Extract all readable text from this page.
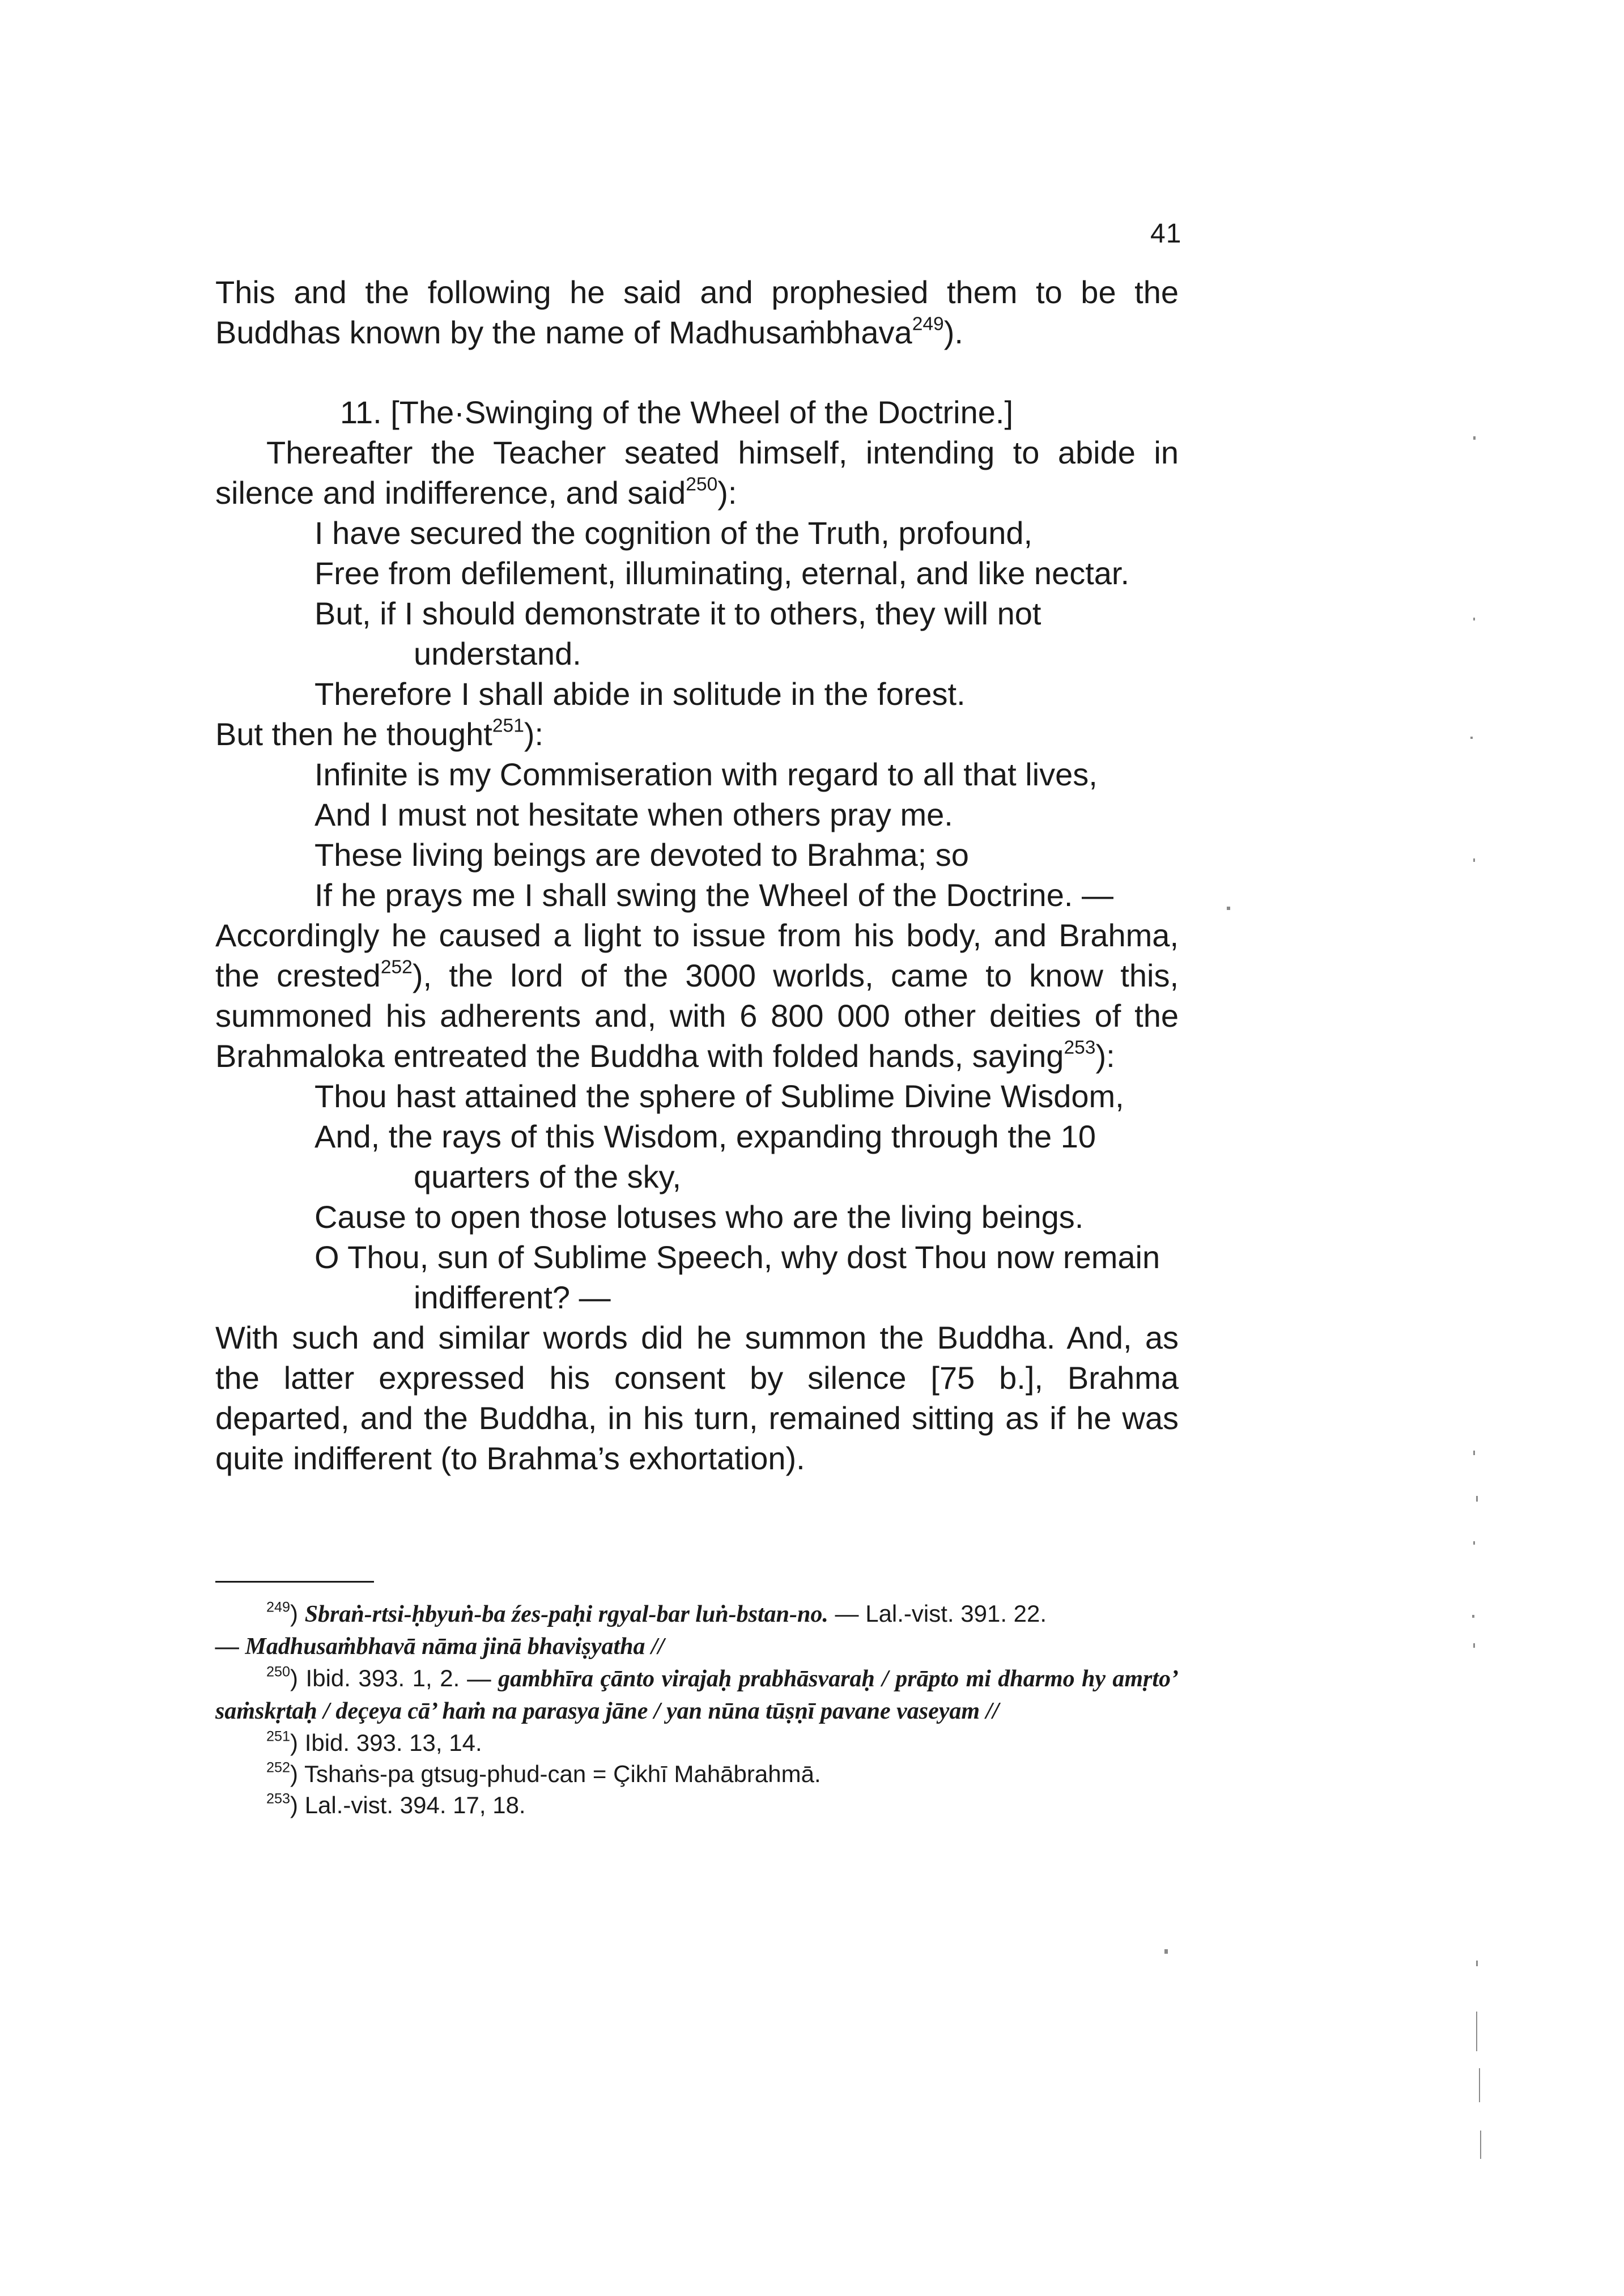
41

This and the following he said and prophesied them to be the Buddhas known by the name of Madhusaṁbhava$^{249}$).

11. [The·Swinging of the Wheel of the Doctrine.]

Thereafter the Teacher seated himself, intending to abide in silence and indifference, and said$^{250}$):

I have secured the cognition of the Truth, profound,
Free from defilement, illuminating, eternal, and like nectar.
But, if I should demonstrate it to others, they will not
understand.
Therefore I shall abide in solitude in the forest.

But then he thought$^{251}$):

Infinite is my Commiseration with regard to all that lives,
And I must not hesitate when others pray me.
These living beings are devoted to Brahma; so
If he prays me I shall swing the Wheel of the Doctrine. —

Accordingly he caused a light to issue from his body, and Brahma, the crested$^{252}$), the lord of the 3000 worlds, came to know this, summoned his adherents and, with 6 800 000 other deities of the Brahmaloka entreated the Buddha with folded hands, saying$^{253}$):

Thou hast attained the sphere of Sublime Divine Wisdom,
And, the rays of this Wisdom, expanding through the 10
quarters of the sky,
Cause to open those lotuses who are the living beings.
O Thou, sun of Sublime Speech, why dost Thou now remain
indifferent? —

With such and similar words did he summon the Buddha. And, as the latter expressed his consent by silence [75 b.], Brahma departed, and the Buddha, in his turn, remained sitting as if he was quite indifferent (to Brahma’s exhortation).

$^{249}$) Sbraṅ-rtsi-ḥbyuṅ-ba źes-paḥi rgyal-bar luṅ-bstan-no. — Lal.-vist. 391. 22.
— Madhusaṁbhavā nāma jinā bhaviṣyatha //

$^{250}$) Ibid. 393. 1, 2. — gambhīra çānto virajaḥ prabhāsvaraḥ / prāpto mi dharmo hy amṛto’ saṁskṛtaḥ / deçeya cā’ haṁ na parasya jāne / yan nūna tūṣṇī pavane vaseyam //

$^{251}$) Ibid. 393. 13, 14.

$^{252}$) Tshaṅs-pa gtsug-phud-can = Çikhī Mahābrahmā.

$^{253}$) Lal.-vist. 394. 17, 18.
